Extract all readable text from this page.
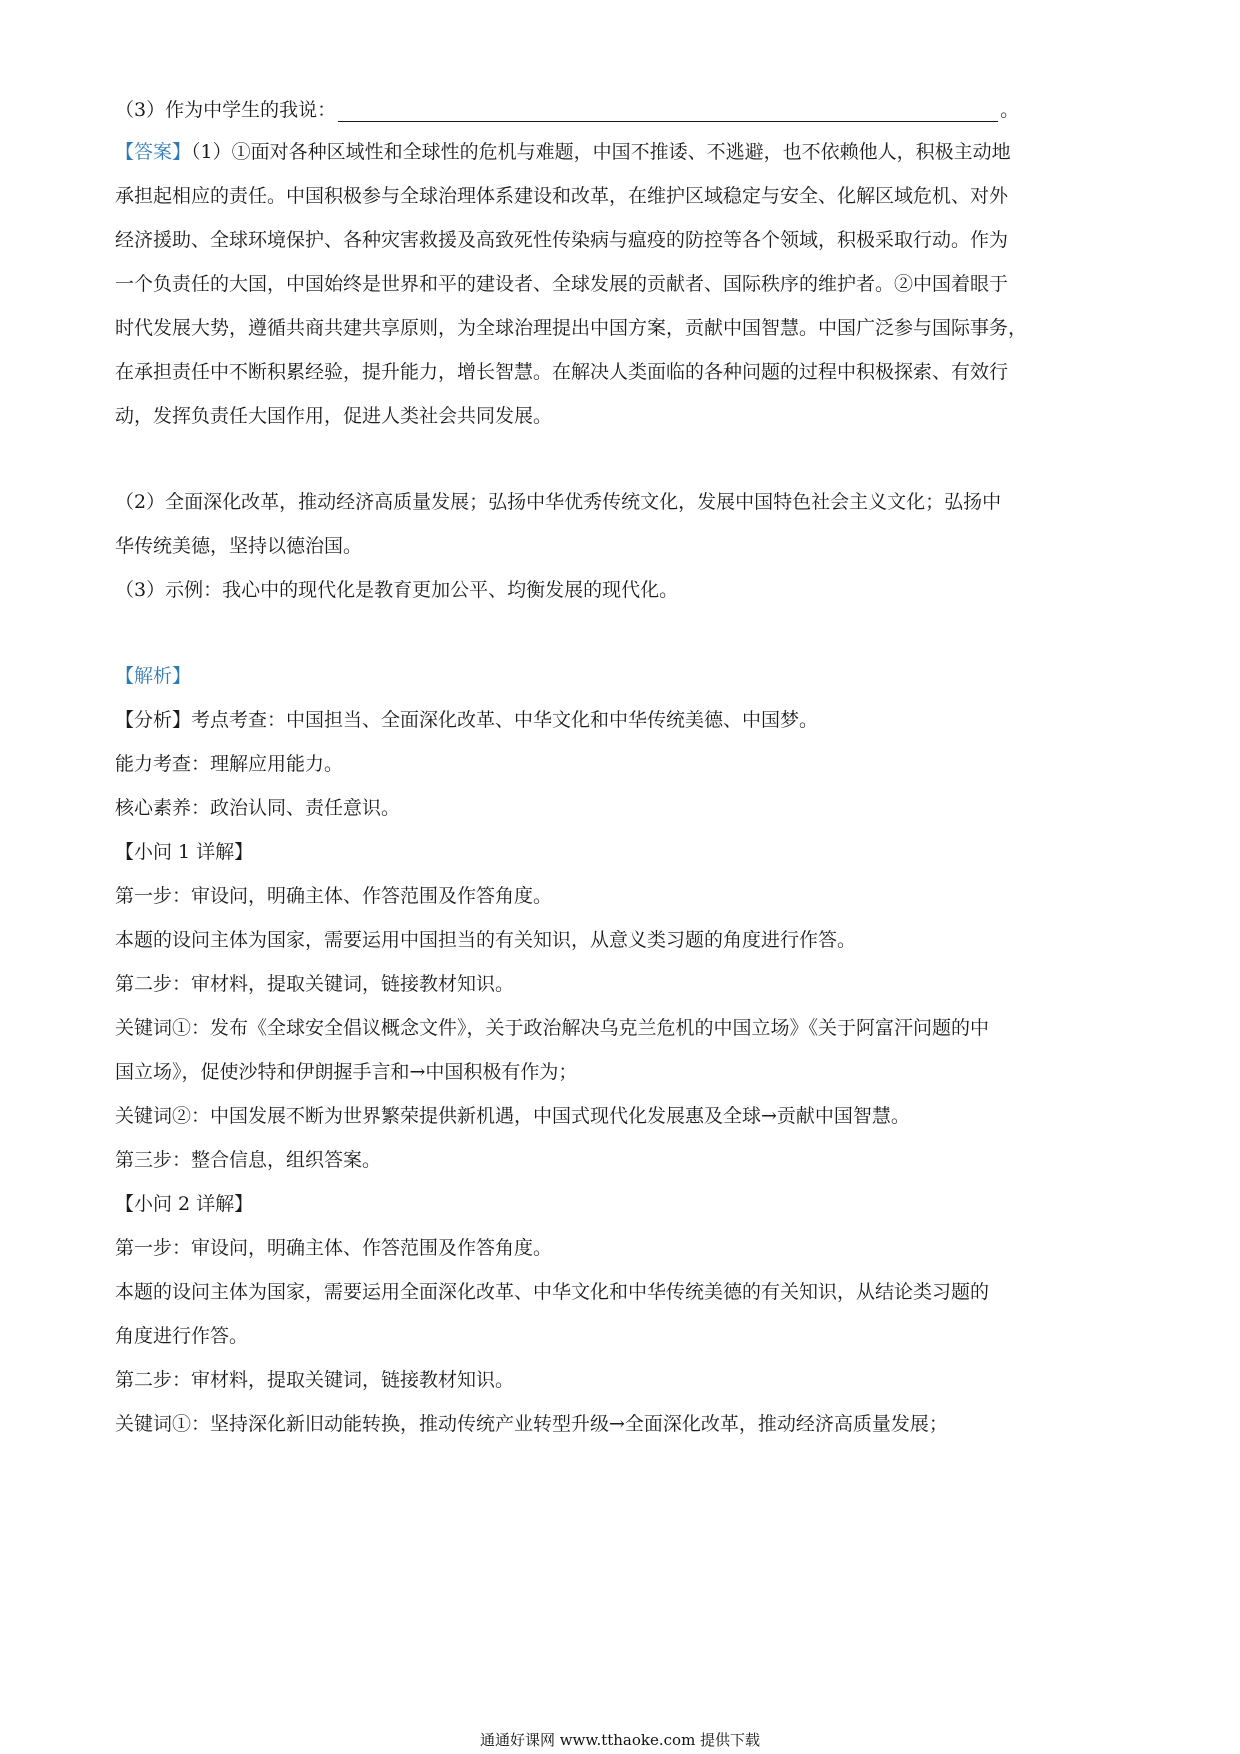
（3）作为中学生的我说：	。
【答案】（1）①面对各种区域性和全球性的危机与难题，中国不推诿、不逃避，也不依赖他人，积极主动地
承担起相应的责任。中国积极参与全球治理体系建设和改革，在维护区域稳定与安全、化解区域危机、对外
经济援助、全球环境保护、各种灾害救援及高致死性传染病与瘟疫的防控等各个领域，积极采取行动。作为
一个负责任的大国，中国始终是世界和平的建设者、全球发展的贡献者、国际秩序的维护者。②中国着眼于
时代发展大势，遵循共商共建共享原则，为全球治理提出中国方案，贡献中国智慧。中国广泛参与国际事务，
在承担责任中不断积累经验，提升能力，增长智慧。在解决人类面临的各种问题的过程中积极探索、有效行
动，发挥负责任大国作用，促进人类社会共同发展。
（2）全面深化改革，推动经济高质量发展；弘扬中华优秀传统文化，发展中国特色社会主义文化；弘扬中
华传统美德，坚持以德治国。
（3）示例：我心中的现代化是教育更加公平、均衡发展的现代化。
【解析】
【分析】考点考查：中国担当、全面深化改革、中华文化和中华传统美德、中国梦。
能力考查：理解应用能力。
核心素养：政治认同、责任意识。
【小问 1 详解】
第一步：审设问，明确主体、作答范围及作答角度。
本题的设问主体为国家，需要运用中国担当的有关知识，从意义类习题的角度进行作答。
第二步：审材料，提取关键词，链接教材知识。
关键词①：发布《全球安全倡议概念文件》，关于政治解决乌克兰危机的中国立场》《关于阿富汗问题的中
国立场》，促使沙特和伊朗握手言和→中国积极有作为；
关键词②：中国发展不断为世界繁荣提供新机遇，中国式现代化发展惠及全球→贡献中国智慧。
第三步：整合信息，组织答案。
【小问 2 详解】
第一步：审设问，明确主体、作答范围及作答角度。
本题的设问主体为国家，需要运用全面深化改革、中华文化和中华传统美德的有关知识，从结论类习题的
角度进行作答。
第二步：审材料，提取关键词，链接教材知识。
关键词①：坚持深化新旧动能转换，推动传统产业转型升级→全面深化改革，推动经济高质量发展；
通通好课网 www.tthaoke.com 提供下载
